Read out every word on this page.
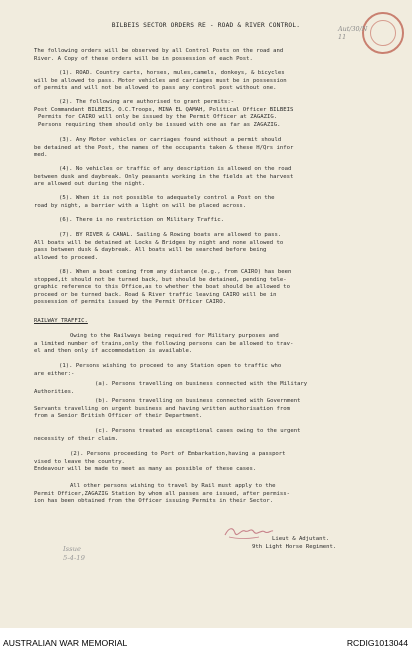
Aut/30/N 11
BILBEIS SECTOR ORDERS RE - ROAD & RIVER CONTROL.
The following orders will be observed by all Control Posts on the road and
River. A Copy of these orders will be in possession of each Post.
(1). ROAD. Country carts, horses, mules,camels, donkeys, & bicycles
will be allowed to pass. Motor vehicles and carriages must be in possession
of permits and will not be allowed to pass any control post without one.
(2). The following are authorised to grant permits:-
Post Commandant BILBEIS, O.C.Troops, MINA EL QAMAH, Political Officer BILBEIS
Permits for CAIRO will only be issued by the Permit Officer at ZAGAZIG.
Persons requiring them should only be issued with one as far as ZAGAZIG.
(3). Any Motor vehicles or carriages found without a permit should
be detained at the Post, the names of the occupants taken & these H/Qrs infor
med.
(4). No vehicles or traffic of any description is allowed on the road
between dusk and daybreak. Only peasants working in the fields at the harvest
are allowed out during the night.
(5). When it is not possible to adequately control a Post on the
road by night, a barrier with a light on will be placed across.
(6). There is no restriction on Military Traffic.
(7). BY RIVER & CANAL. Sailing & Rowing boats are allowed to pass.
All boats will be detained at Locks & Bridges by night and none allowed to
pass between dusk & daybreak. All boats will be searched before being
allowed to proceed.
(8). When a boat coming from any distance (e.g., from CAIRO) has been
stopped,it should not be turned back, but should be detained, pending tele-
graphic reference to this Office,as to whether the boat should be allowed to
proceed or be turned back. Road & River traffic leaving CAIRO will be in
possession of permits issued by the Permit Officer CAIRO.
RAILWAY TRAFFIC.
Owing to the Railways being required for Military purposes and
a limited number of trains,only the following persons can be allowed to trav-
el and then only if accommodation is available.
(1). Persons wishing to proceed to any Station open to traffic who
are either:-
(a). Persons travelling on business connected with the Military
Authorities.
(b). Persons travelling on business connected with Government
Servants travelling on urgent business and having written authorisation from
from a Senior British Officer of their Department.
(c). Persons treated as exceptional cases owing to the urgent
necessity of their claim.
(2). Persons proceeding to Port of Embarkation,having a passport
vised to leave the country.
Endeavour will be made to meet as many as possible of these cases.
All other persons wishing to travel by Rail must apply to the
Permit Officer,ZAGAZIG Station by whom all passes are issued, after permiss-
ion has been obtained from the Officer issuing Permits in their Sector.
Lieut & Adjutant.
9th Light Horse Regiment.
Issue
5-4-19
AUSTRALIAN WAR MEMORIAL	RCDIG1013044
